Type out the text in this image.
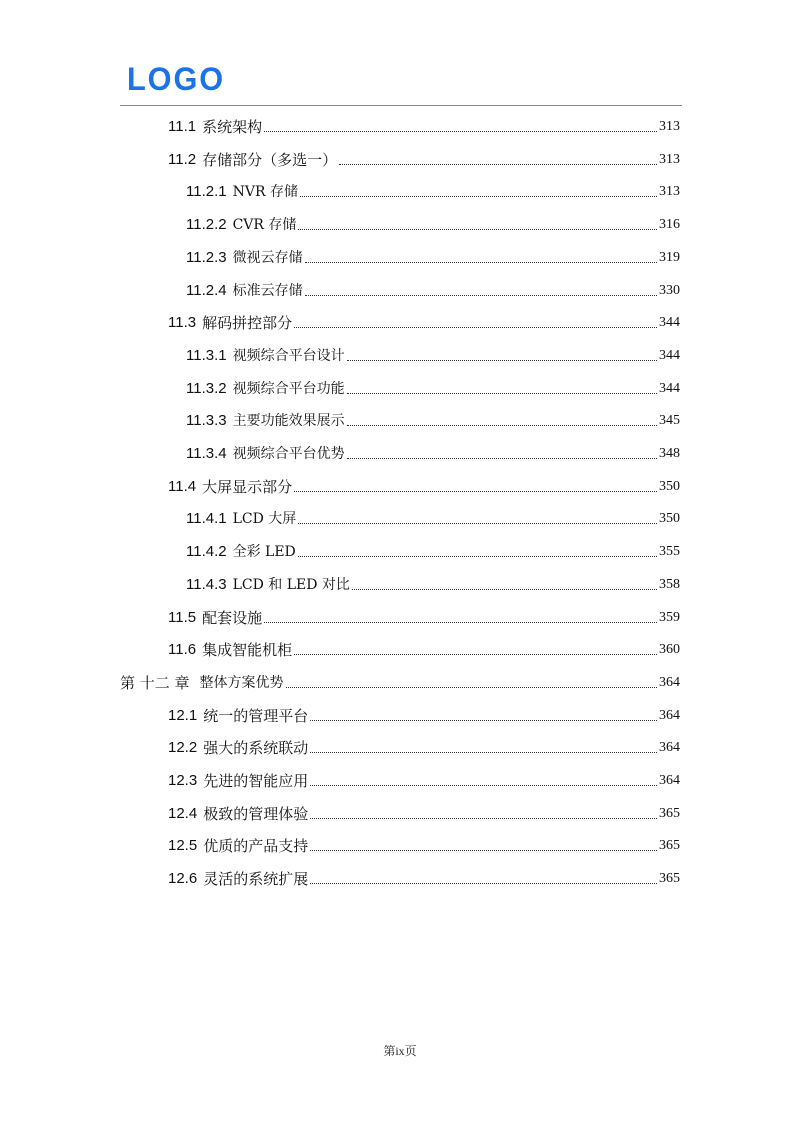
LOGO
11.1 系统架构	313
11.2 存储部分（多选一）	313
11.2.1 NVR 存储	313
11.2.2 CVR 存储	316
11.2.3 微视云存储	319
11.2.4 标准云存储	330
11.3 解码拼控部分	344
11.3.1 视频综合平台设计	344
11.3.2 视频综合平台功能	344
11.3.3 主要功能效果展示	345
11.3.4 视频综合平台优势	348
11.4 大屏显示部分	350
11.4.1 LCD 大屏	350
11.4.2 全彩 LED	355
11.4.3 LCD 和 LED 对比	358
11.5 配套设施	359
11.6 集成智能机柜	360
第 十二 章 整体方案优势	364
12.1 统一的管理平台	364
12.2 强大的系统联动	364
12.3 先进的智能应用	364
12.4 极致的管理体验	365
12.5 优质的产品支持	365
12.6 灵活的系统扩展	365
第ix页
